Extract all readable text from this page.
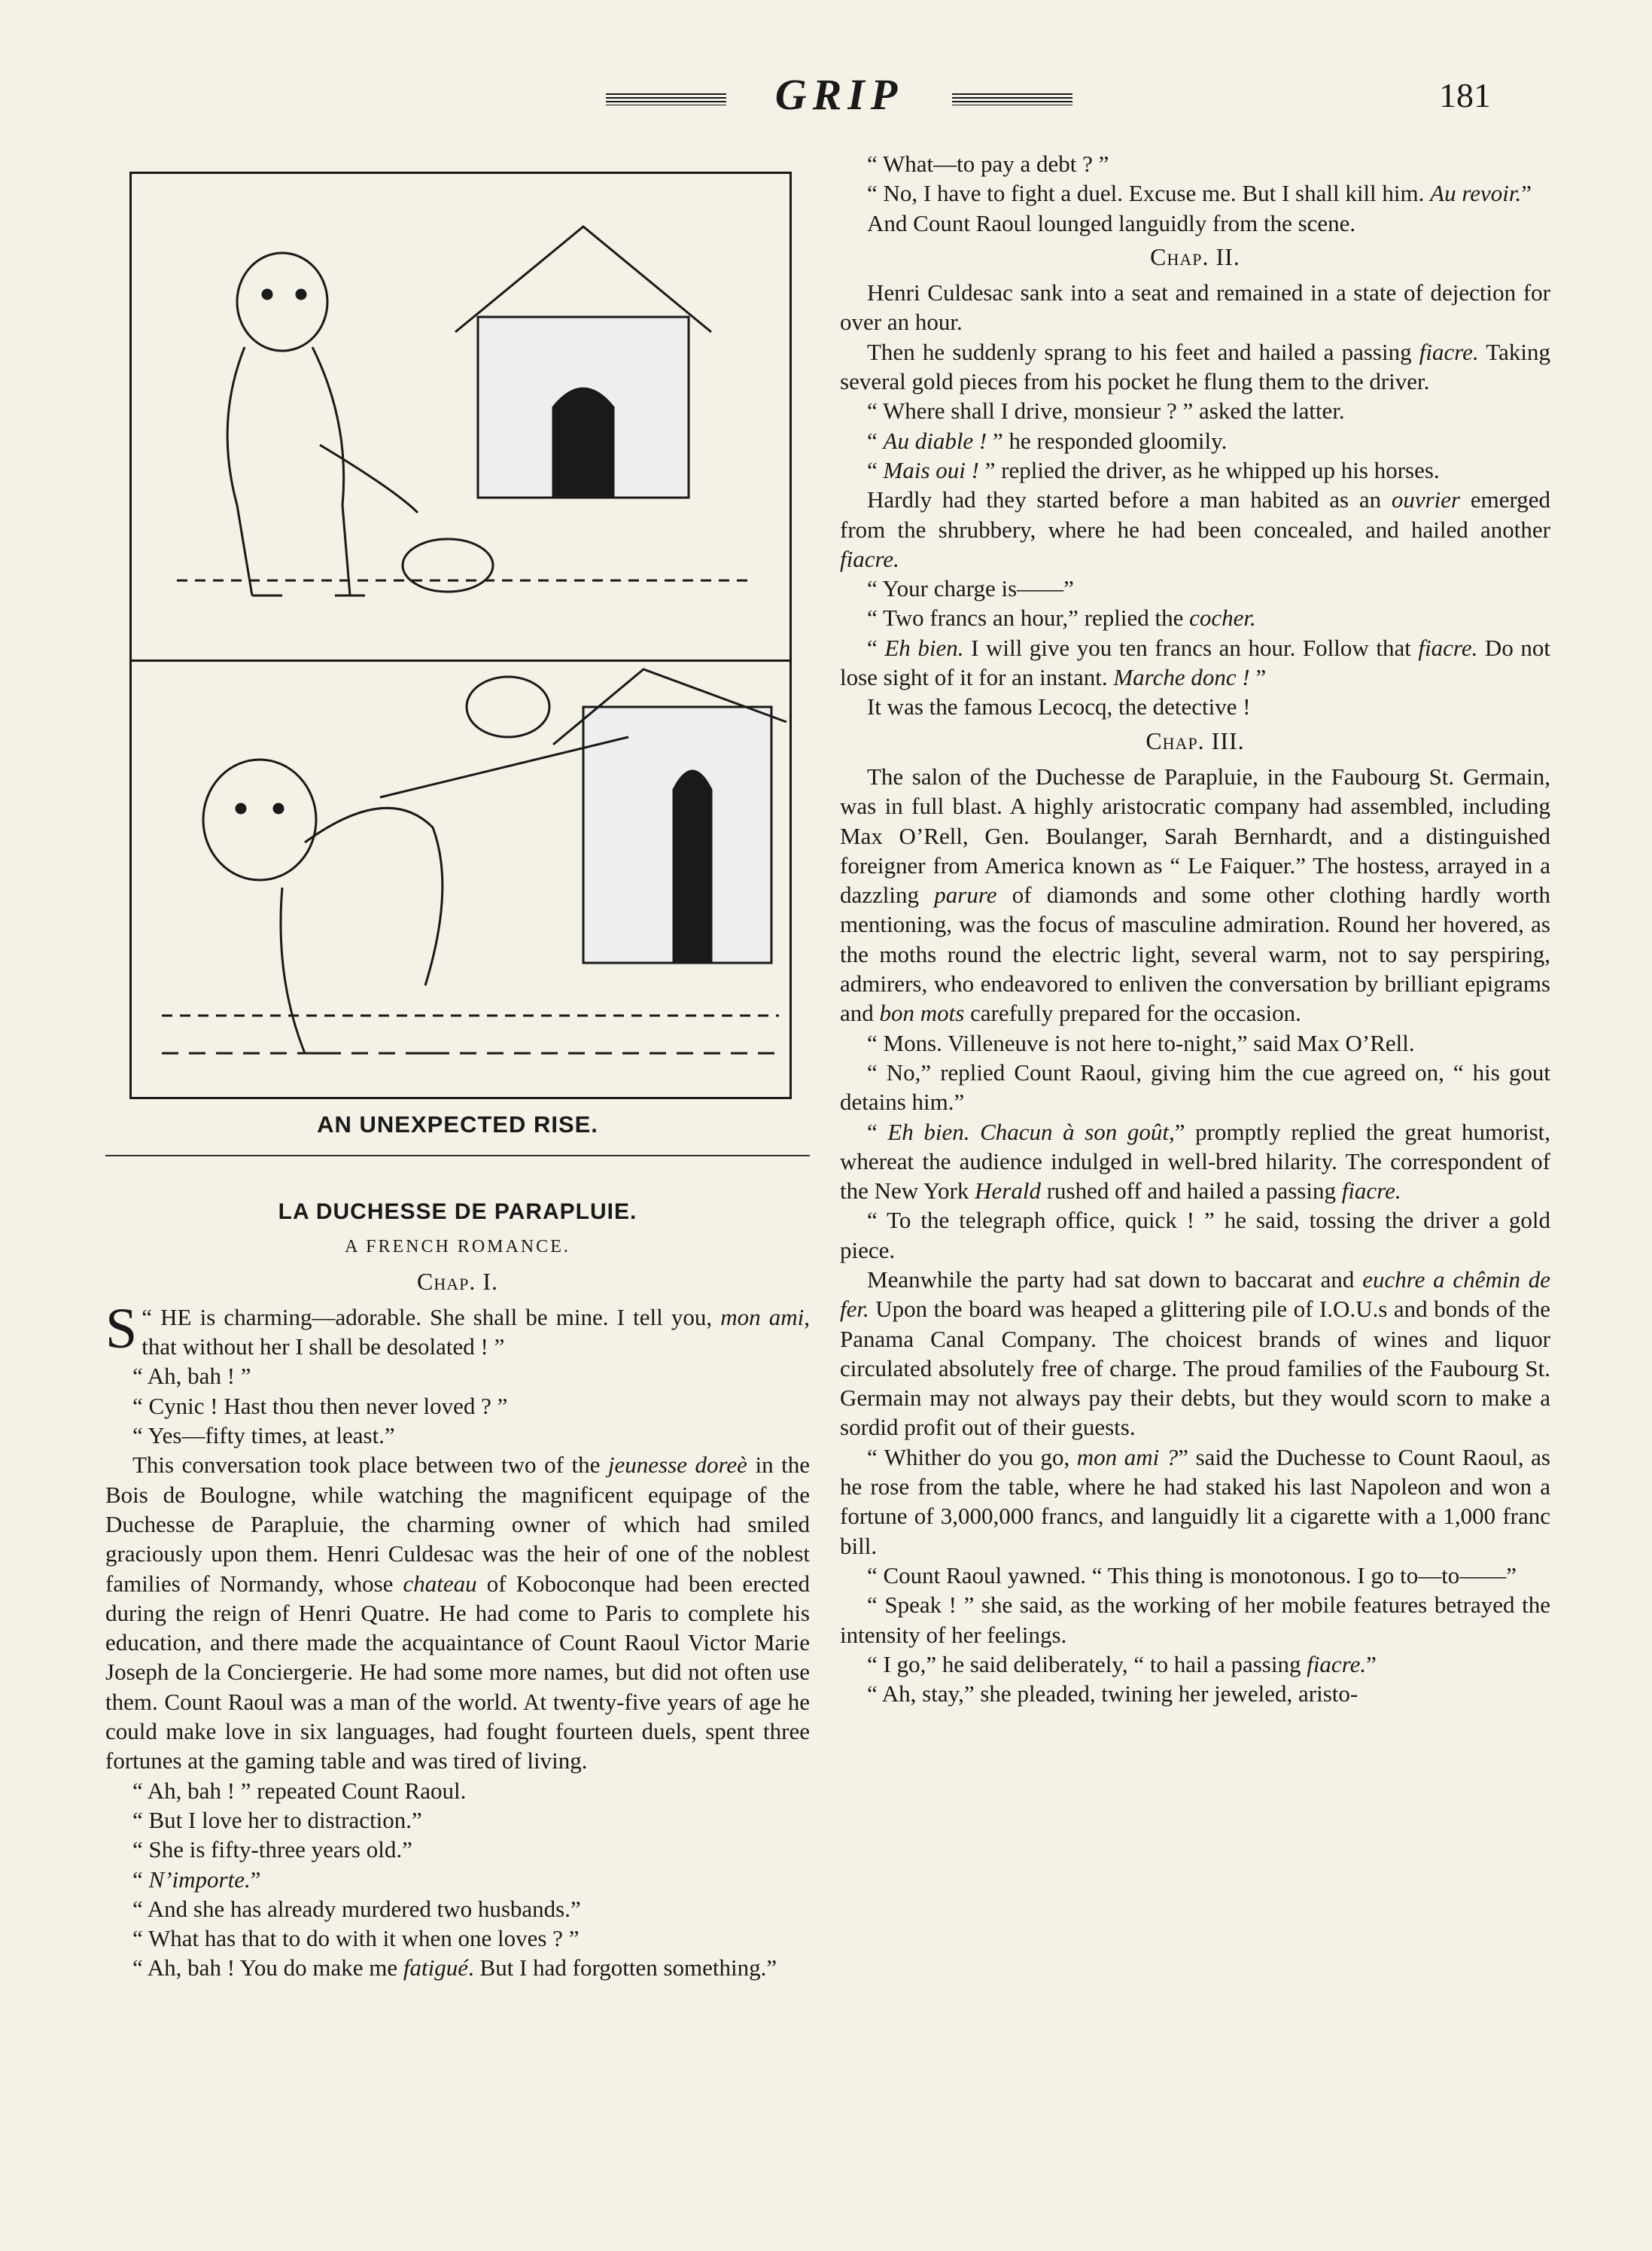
GRIP	181
AN UNEXPECTED RISE.
LA DUCHESSE DE PARAPLUIE.
A FRENCH ROMANCE.
Chap. I.

“
S HE is charming—adorable. She shall be mine. I tell you, mon ami, that without her I shall be desolated ! ”

“ Ah, bah ! ”

“ Cynic ! Hast thou then never loved ? ”

“ Yes—fifty times, at least.”

This conversation took place between two of the jeunesse doreè in the Bois de Boulogne, while watching the magnificent equipage of the Duchesse de Parapluie, the charming owner of which had smiled graciously upon them. Henri Culdesac was the heir of one of the noblest families of Normandy, whose chateau of Koboconque had been erected during the reign of Henri Quatre. He had come to Paris to complete his education, and there made the acquaintance of Count Raoul Victor Marie Joseph de la Conciergerie. He had some more names, but did not often use them. Count Raoul was a man of the world. At twenty-five years of age he could make love in six languages, had fought fourteen duels, spent three fortunes at the gaming table and was tired of living.

“ Ah, bah ! ” repeated Count Raoul.

“ But I love her to distraction.”

“ She is fifty-three years old.”

“ N’importe.”

“ And she has already murdered two husbands.”

“ What has that to do with it when one loves ? ”

“ Ah, bah ! You do make me fatigué. But I had forgotten something.”

“ What—to pay a debt ? ”

“ No, I have to fight a duel. Excuse me. But I shall kill him. Au revoir.”

And Count Raoul lounged languidly from the scene.

Chap. II.

Henri Culdesac sank into a seat and remained in a state of dejection for over an hour.

Then he suddenly sprang to his feet and hailed a passing fiacre. Taking several gold pieces from his pocket he flung them to the driver.

“ Where shall I drive, monsieur ? ” asked the latter.

“ Au diable ! ” he responded gloomily.

“ Mais oui ! ” replied the driver, as he whipped up his horses.

Hardly had they started before a man habited as an ouvrier emerged from the shrubbery, where he had been concealed, and hailed another fiacre.

“ Your charge is——”

“ Two francs an hour,” replied the cocher.

“ Eh bien. I will give you ten francs an hour. Follow that fiacre. Do not lose sight of it for an instant. Marche donc ! ”

It was the famous Lecocq, the detective !

Chap. III.

The salon of the Duchesse de Parapluie, in the Faubourg St. Germain, was in full blast. A highly aristocratic company had assembled, including Max O’Rell, Gen. Boulanger, Sarah Bernhardt, and a distinguished foreigner from America known as “ Le Faiquer.” The hostess, arrayed in a dazzling parure of diamonds and some other clothing hardly worth mentioning, was the focus of masculine admiration. Round her hovered, as the moths round the electric light, several warm, not to say perspiring, admirers, who endeavored to enliven the conversation by brilliant epigrams and bon mots carefully prepared for the occasion.

“ Mons. Villeneuve is not here to-night,” said Max O’Rell.

“ No,” replied Count Raoul, giving him the cue agreed on, “ his gout detains him.”

“ Eh bien. Chacun à son goût,” promptly replied the great humorist, whereat the audience indulged in well-bred hilarity. The correspondent of the New York Herald rushed off and hailed a passing fiacre.

“ To the telegraph office, quick ! ” he said, tossing the driver a gold piece.

Meanwhile the party had sat down to baccarat and euchre a chêmin de fer. Upon the board was heaped a glittering pile of I.O.U.s and bonds of the Panama Canal Company. The choicest brands of wines and liquor circulated absolutely free of charge. The proud families of the Faubourg St. Germain may not always pay their debts, but they would scorn to make a sordid profit out of their guests.

“ Whither do you go, mon ami ?” said the Duchesse to Count Raoul, as he rose from the table, where he had staked his last Napoleon and won a fortune of 3,000,000 francs, and languidly lit a cigarette with a 1,000 franc bill.

“ Count Raoul yawned. “ This thing is monotonous. I go to—to——”

“ Speak ! ” she said, as the working of her mobile features betrayed the intensity of her feelings.

“ I go,” he said deliberately, “ to hail a passing fiacre.”

“ Ah, stay,” she pleaded, twining her jeweled, aristo-
